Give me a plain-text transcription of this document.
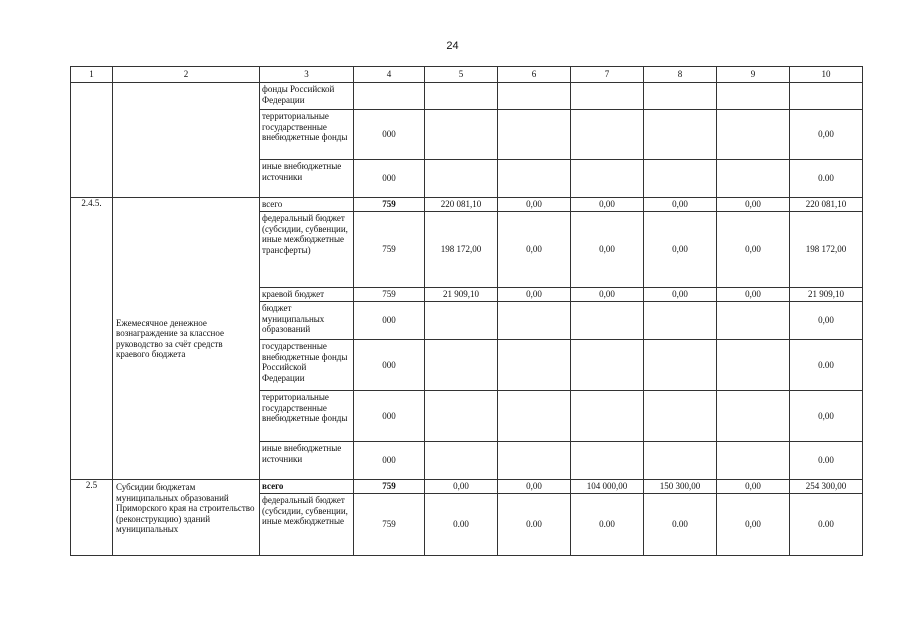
24
1	2	3	4	5	6	7	8	9	10
		фонды Российской Федерации							
		территориальные государственные внебюджетные фонды	000						0,00
		иные внебюджетные источники	000						0.00
2.4.5.	Ежемесячное денежное вознаграждение за классное руководство за счёт средств краевого бюджета	всего	759	220 081,10	0,00	0,00	0,00	0,00	220 081,10
		федеральный бюджет (субсидии, субвенции, иные межбюджетные трансферты)	759	198 172,00	0,00	0,00	0,00	0,00	198 172,00
		краевой бюджет	759	21 909,10	0,00	0,00	0,00	0,00	21 909,10
		бюджет муниципальных образований	000						0,00
		государственные внебюджетные фонды Российской Федерации	000						0.00
		территориальные государственные внебюджетные фонды	000						0,00
		иные внебюджетные источники	000						0.00
2.5	Субсидии бюджетам муниципальных образований Приморского края на строительство (реконструкцию) зданий муниципальных	всего	759	0,00	0,00	104 000,00	150 300,00	0,00	254 300,00
		федеральный бюджет (субсидии, субвенции, иные межбюджетные	759	0.00	0.00	0.00	0.00	0,00	0.00
